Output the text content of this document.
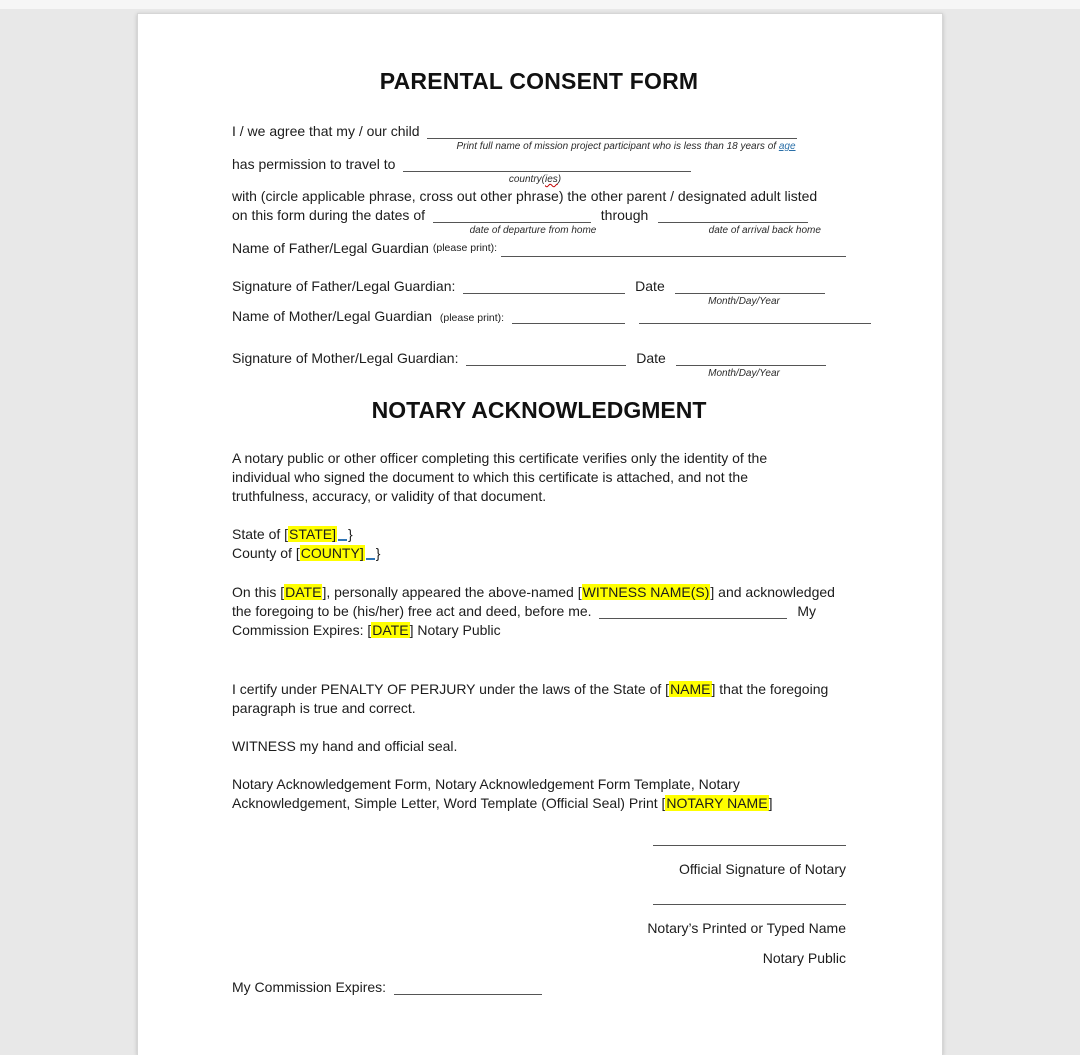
PARENTAL CONSENT FORM
I / we agree that my / our child
Print full name of mission project participant who is less than 18 years of age
has permission to travel to
country(ies)
with (circle applicable phrase, cross out other phrase) the other parent / designated adult listed
on this form during the dates of	through
date of departure from home	date of arrival back home
Name of Father/Legal Guardian (please print):
Signature of Father/Legal Guardian:	Date
Month/Day/Year
Name of Mother/Legal Guardian (please print):
Signature of Mother/Legal Guardian:	Date
Month/Day/Year
NOTARY ACKNOWLEDGMENT
A notary public or other officer completing this certificate verifies only the identity of the
individual who signed the document to which this certificate is attached, and not the
truthfulness, accuracy, or validity of that document.
State of [STATE] }
County of [COUNTY] }
On this [DATE], personally appeared the above-named [WITNESS NAME(S)] and acknowledged
the foregoing to be (his/her) free act and deed, before me.	My
Commission Expires: [DATE] Notary Public
I certify under PENALTY OF PERJURY under the laws of the State of [NAME] that the foregoing
paragraph is true and correct.
WITNESS my hand and official seal.
Notary Acknowledgement Form, Notary Acknowledgement Form Template, Notary
Acknowledgement, Simple Letter, Word Template (Official Seal) Print [NOTARY NAME]
Official Signature of Notary
Notary’s Printed or Typed Name
Notary Public
My Commission Expires:
